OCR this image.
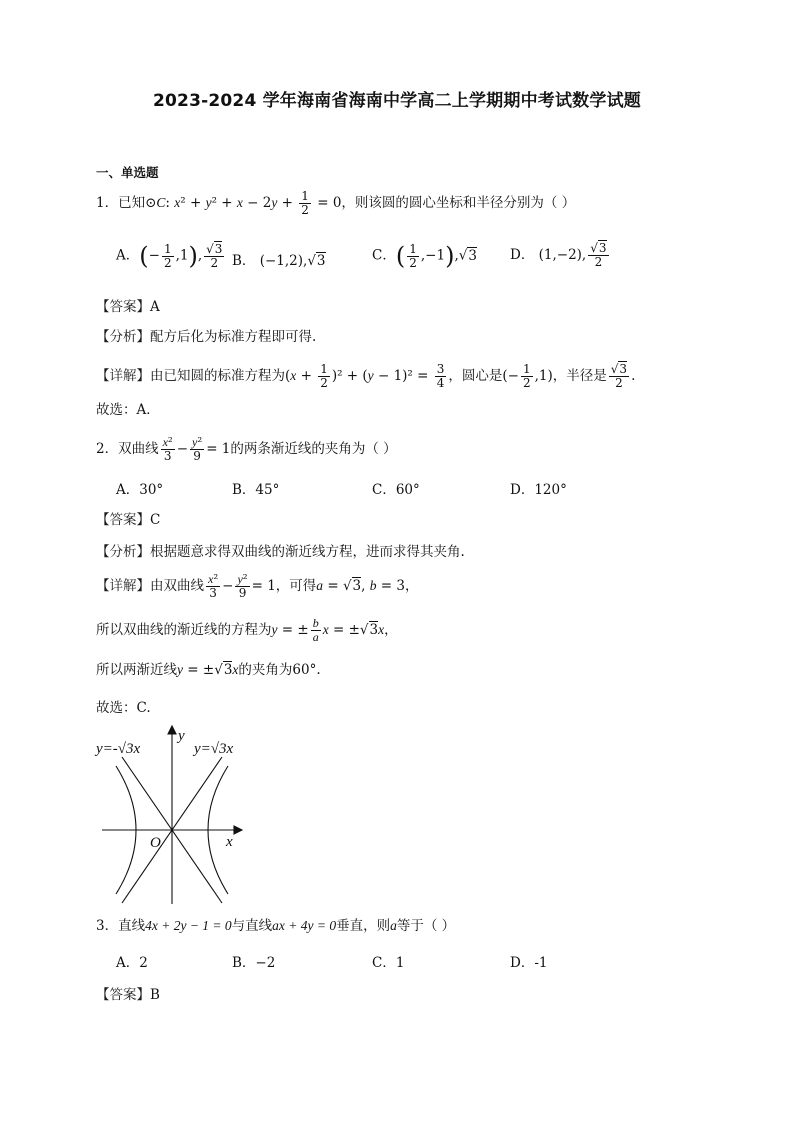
2023-2024 学年海南省海南中学高二上学期期中考试数学试题
一、单选题
1．已知⊙C: $x^2 + y^2 + x - 2y + \frac{1}{2} = 0$，则该圆的圆心坐标和半径分别为（ ）
A．(− $\frac{1}{2} ,1$), $\frac{√3}{2}$ B． (−1,2),√3	C．( $\frac{1}{2} ,-1),√3$ D． (1,−2), $\frac{√3}{2}$
【答案】A
【分析】配方后化为标准方程即可得.
【详解】由已知圆的标准方程为$(x + \frac{1}{2} )^2 + (y - 1)^2 = \frac{3}{4}$ ，圆心是(− $\frac{1}{2} ,1$)，半径是 $\frac{√3}{2}$ .
故选：A．
2．双曲线 $\frac{\text{x²}}{3} - \frac{\text{y²}}{9} = 1$的两条渐近线的夹角为（ ）
A．30°	B．45°	C．60°	D．120°
【答案】C
【分析】根据题意求得双曲线的渐近线方程，进而求得其夹角.
【详解】由双曲线 $\frac{\text{x²}}{3} - \frac{\text{y²}}{9} = 1$，可得a = √3, b = 3，
所以双曲线的渐近线的方程为y = ± $\frac{b}{a}$ x = ±√3x，
所以两渐近线y = ±√3x的夹角为60°.
故选：C.
y=-√3x	y=√3x
y
x
O
3．直线4x + 2y − 1 = 0与直线ax + 4y = 0垂直，则a等于（ ）
A．2	B．−2	C．1	D．-1
【答案】B
